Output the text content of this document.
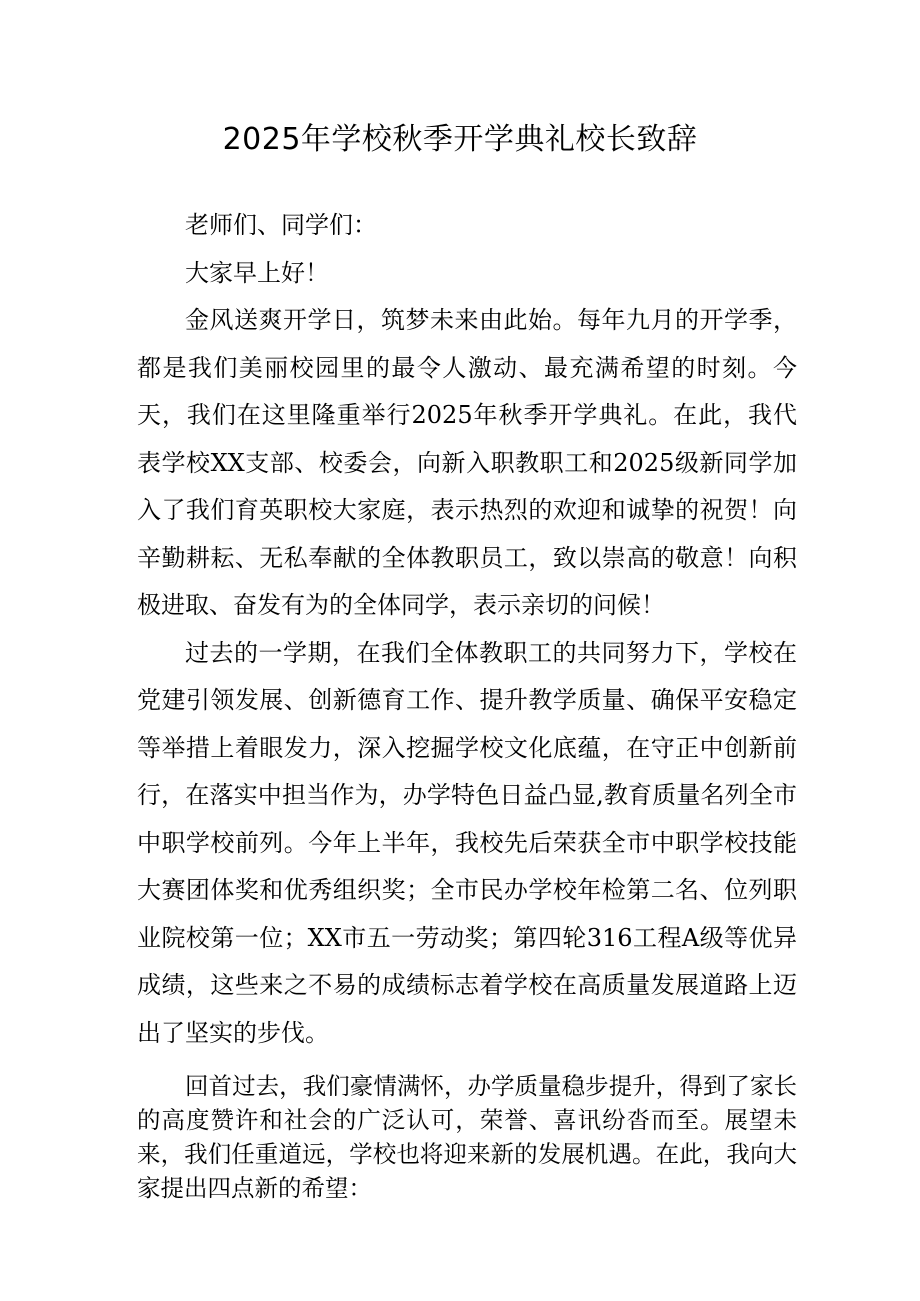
2025年学校秋季开学典礼校长致辞

老师们、同学们：

大家早上好！

金风送爽开学日，筑梦未来由此始。每年九月的开学季，都是我们美丽校园里的最令人激动、最充满希望的时刻。今天，我们在这里隆重举行2025年秋季开学典礼。在此，我代表学校XX支部、校委会，向新入职教职工和2025级新同学加入了我们育英职校大家庭，表示热烈的欢迎和诚挚的祝贺！向辛勤耕耘、无私奉献的全体教职员工，致以崇高的敬意！向积极进取、奋发有为的全体同学，表示亲切的问候！

过去的一学期，在我们全体教职工的共同努力下，学校在党建引领发展、创新德育工作、提升教学质量、确保平安稳定等举措上着眼发力，深入挖掘学校文化底蕴，在守正中创新前行，在落实中担当作为，办学特色日益凸显,教育质量名列全市中职学校前列。今年上半年，我校先后荣获全市中职学校技能大赛团体奖和优秀组织奖；全市民办学校年检第二名、位列职业院校第一位；XX市五一劳动奖；第四轮316工程A级等优异成绩，这些来之不易的成绩标志着学校在高质量发展道路上迈出了坚实的步伐。

回首过去，我们豪情满怀，办学质量稳步提升，得到了家长的高度赞许和社会的广泛认可，荣誉、喜讯纷沓而至。展望未来，我们任重道远，学校也将迎来新的发展机遇。在此，我向大家提出四点新的希望：
